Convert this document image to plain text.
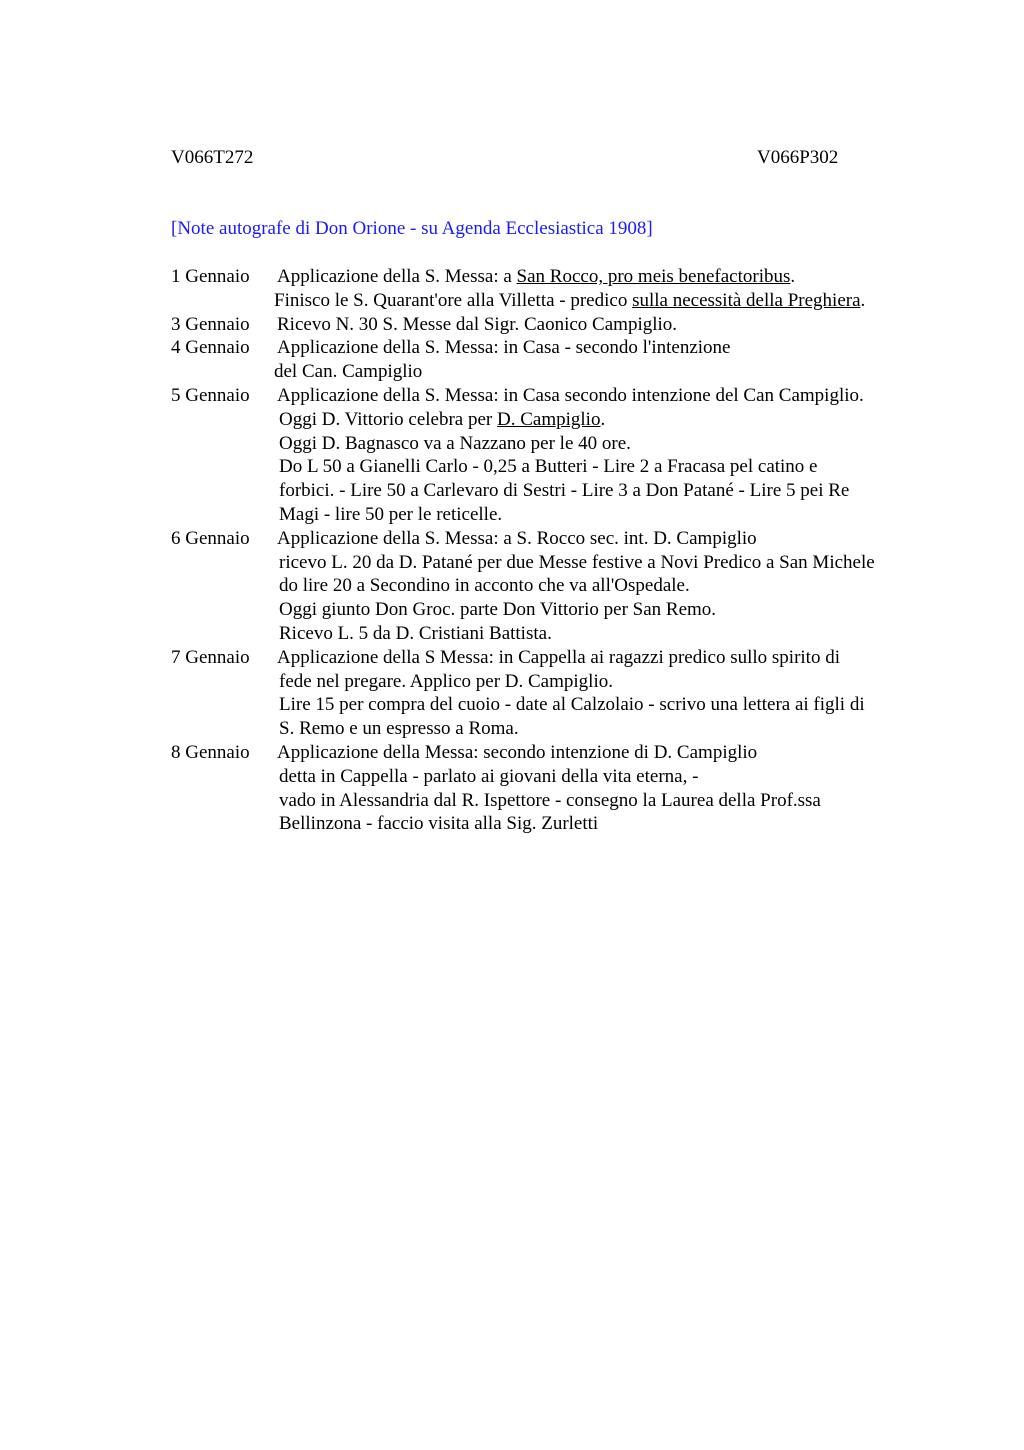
V066T272	V066P302
[Note autografe di Don Orione - su Agenda Ecclesiastica 1908]
1 Gennaio Applicazione della S. Messa: a San Rocco, pro meis benefactoribus.
Finisco le S. Quarant'ore alla Villetta - predico sulla necessità della Preghiera.
3 Gennaio Ricevo N. 30 S. Messe dal Sigr. Caonico Campiglio.
4 Gennaio Applicazione della S. Messa: in Casa - secondo l'intenzione
del Can. Campiglio
5 Gennaio Applicazione della S. Messa: in Casa secondo intenzione del Can Campiglio.
Oggi D. Vittorio celebra per D. Campiglio.
Oggi D. Bagnasco va a Nazzano per le 40 ore.
Do L 50 a Gianelli Carlo - 0,25 a Butteri - Lire 2 a Fracasa pel catino e
forbici. - Lire 50 a Carlevaro di Sestri - Lire 3 a Don Patané - Lire 5 pei Re
Magi - lire 50 per le reticelle.
6 Gennaio Applicazione della S. Messa: a S. Rocco sec. int. D. Campiglio
ricevo L. 20 da D. Patané per due Messe festive a Novi Predico a San Michele
do lire 20 a Secondino in acconto che va all'Ospedale.
Oggi giunto Don Groc. parte Don Vittorio per San Remo.
Ricevo L. 5 da D. Cristiani Battista.
7 Gennaio Applicazione della S Messa: in Cappella ai ragazzi predico sullo spirito di
fede nel pregare. Applico per D. Campiglio.
Lire 15 per compra del cuoio - date al Calzolaio - scrivo una lettera ai figli di
S. Remo e un espresso a Roma.
8 Gennaio Applicazione della Messa: secondo intenzione di D. Campiglio
detta in Cappella - parlato ai giovani della vita eterna, -
vado in Alessandria dal R. Ispettore - consegno la Laurea della Prof.ssa
Bellinzona - faccio visita alla Sig. Zurletti
